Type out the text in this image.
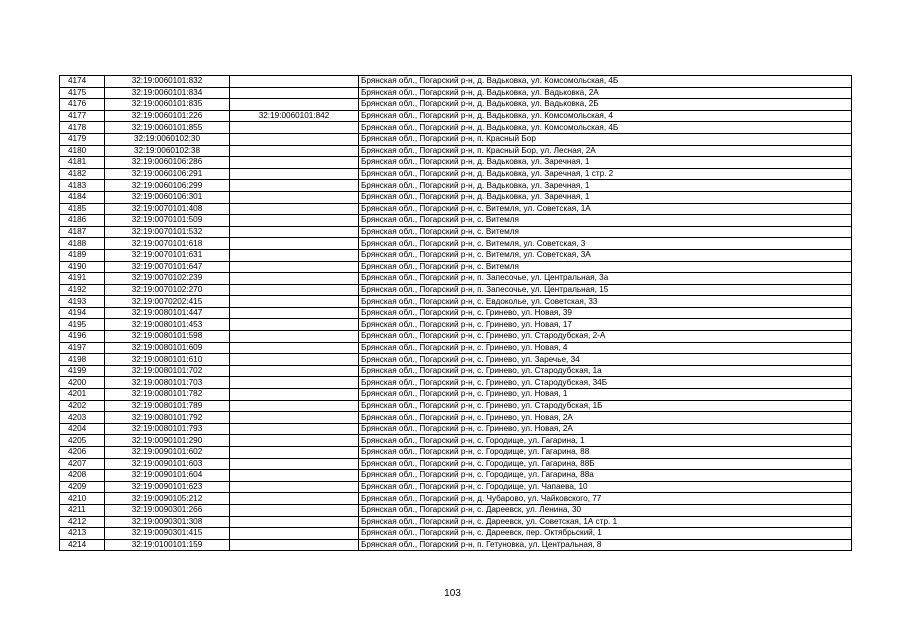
4174	32:19:0060101:832		Брянская обл., Погарский р-н, д. Вадьковка, ул. Комсомольская, 4Б
4175	32:19:0060101:834		Брянская обл., Погарский р-н, д. Вадьковка, ул. Вадьковка, 2А
4176	32:19:0060101:835		Брянская обл., Погарский р-н, д. Вадьковка, ул. Вадьковка, 2Б
4177	32:19:0060101:226	32:19:0060101:842	Брянская обл., Погарский р-н, д. Вадьковка, ул. Комсомольская, 4
4178	32:19:0060101:855		Брянская обл., Погарский р-н, д. Вадьковка, ул. Комсомольская, 4Б
4179	32:19:0060102:30		Брянская обл., Погарский р-н, п. Красный Бор
4180	32:19:0060102:38		Брянская обл., Погарский р-н, п. Красный Бор, ул. Лесная, 2А
4181	32:19:0060106:286		Брянская обл., Погарский р-н, д. Вадьковка, ул. Заречная, 1
4182	32:19:0060106:291		Брянская обл., Погарский р-н, д. Вадьковка, ул. Заречная, 1 стр. 2
4183	32:19:0060106:299		Брянская обл., Погарский р-н, д. Вадьковка, ул. Заречная, 1
4184	32:19:0060106:301		Брянская обл., Погарский р-н, д. Вадьковка, ул. Заречная, 1
4185	32:19:0070101:408		Брянская обл., Погарский р-н, с. Витемля, ул. Советская, 1А
4186	32:19:0070101:509		Брянская обл., Погарский р-н, с. Витемля
4187	32:19:0070101:532		Брянская обл., Погарский р-н, с. Витемля
4188	32:19:0070101:618		Брянская обл., Погарский р-н, с. Витемля, ул. Советская, 3
4189	32:19:0070101:631		Брянская обл., Погарский р-н, с. Витемля, ул. Советская, 3А
4190	32:19:0070101:647		Брянская обл., Погарский р-н, с. Витемля
4191	32:19:0070102:239		Брянская обл., Погарский р-н, п. Запесочье, ул. Центральная, 3а
4192	32:19:0070102:270		Брянская обл., Погарский р-н, п. Запесочье, ул. Центральная, 15
4193	32:19:0070202:415		Брянская обл., Погарский р-н, с. Евдоколье, ул. Советская, 33
4194	32:19:0080101:447		Брянская обл., Погарский р-н, с. Гринево, ул. Новая, 39
4195	32:19:0080101:453		Брянская обл., Погарский р-н, с. Гринево, ул. Новая, 17
4196	32:19:0080101:598		Брянская обл., Погарский р-н, с. Гринево, ул. Стародубская, 2-А
4197	32:19:0080101:609		Брянская обл., Погарский р-н, с. Гринево, ул. Новая, 4
4198	32:19:0080101:610		Брянская обл., Погарский р-н, с. Гринево, ул. Заречье, 34
4199	32:19:0080101:702		Брянская обл., Погарский р-н, с. Гринево, ул. Стародубская, 1а
4200	32:19:0080101:703		Брянская обл., Погарский р-н, с. Гринево, ул. Стародубская, 34Б
4201	32:19:0080101:782		Брянская обл., Погарский р-н, с. Гринево, ул. Новая, 1
4202	32:19:0080101:789		Брянская обл., Погарский р-н, с. Гринево, ул. Стародубская, 1Б
4203	32:19:0080101:792		Брянская обл., Погарский р-н, с. Гринево, ул. Новая, 2А
4204	32:19:0080101:793		Брянская обл., Погарский р-н, с. Гринево, ул. Новая, 2А
4205	32:19:0090101:290		Брянская обл., Погарский р-н, с. Городище, ул. Гагарина, 1
4206	32:19:0090101:602		Брянская обл., Погарский р-н, с. Городище, ул. Гагарина, 88
4207	32:19:0090101:603		Брянская обл., Погарский р-н, с. Городище, ул. Гагарина, 88Б
4208	32:19:0090101:604		Брянская обл., Погарский р-н, с. Городище, ул. Гагарина, 88а
4209	32:19:0090101:623		Брянская обл., Погарский р-н, с. Городище, ул. Чапаева, 10
4210	32:19:0090105:212		Брянская обл., Погарский р-н, д. Чубарово, ул. Чайковского, 77
4211	32:19:0090301:266		Брянская обл., Погарский р-н, с. Дареевск, ул. Ленина, 30
4212	32:19:0090301:308		Брянская обл., Погарский р-н, с. Дареевск, ул. Советская, 1А стр. 1
4213	32:19:0090301:415		Брянская обл., Погарский р-н, с. Дареевск, пер. Октябрьский, 1
4214	32:19:0100101:159		Брянская обл., Погарский р-н, п. Гетуновка, ул. Центральная, 8
103
